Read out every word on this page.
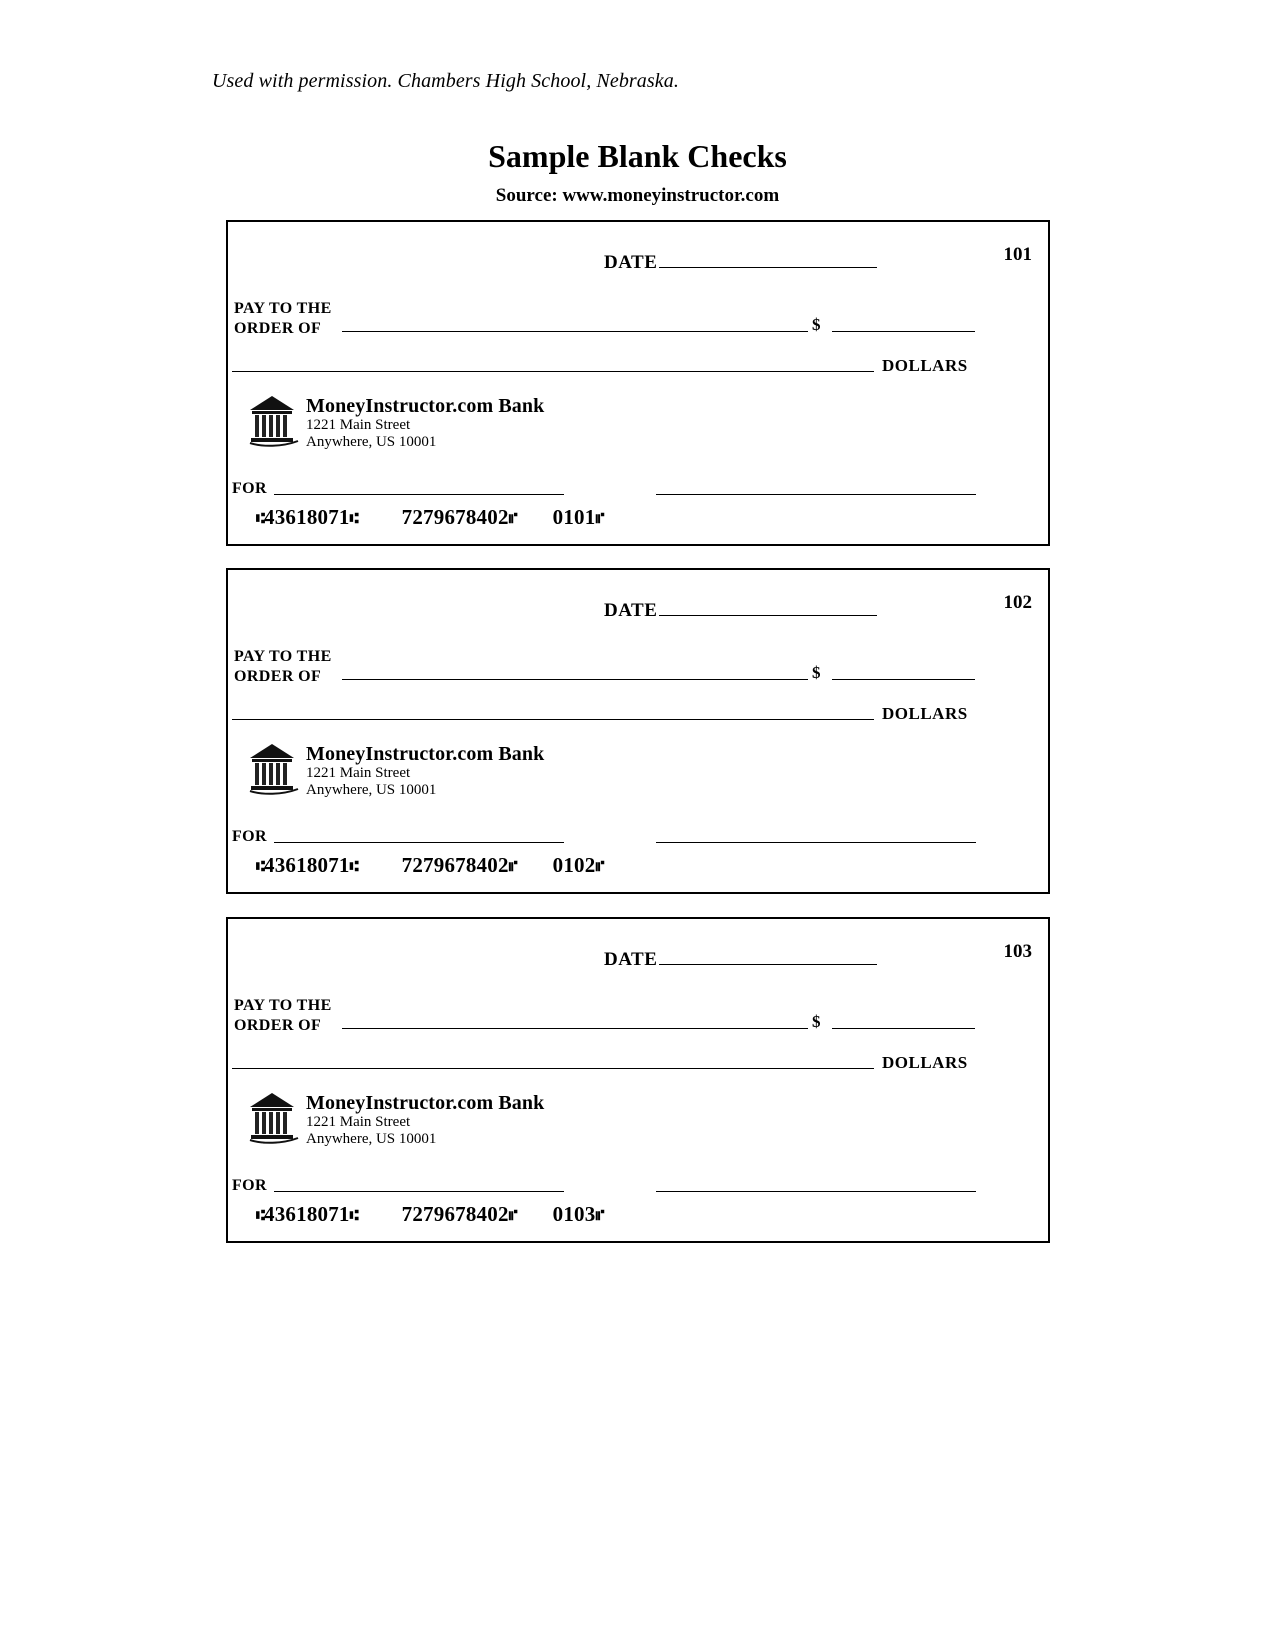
Used with permission. Chambers High School, Nebraska.
Sample Blank Checks
Source: www.moneyinstructor.com
101
DATE
PAY TO THE
ORDER OF	$
DOLLARS
MoneyInstructor.com Bank
1221 Main Street
Anywhere, US 10001
FOR
⑆43618071⑆ 7279678402⑈ 0101⑈
102
DATE
PAY TO THE
ORDER OF	$
DOLLARS
MoneyInstructor.com Bank
1221 Main Street
Anywhere, US 10001
FOR
⑆43618071⑆ 7279678402⑈ 0102⑈
103
DATE
PAY TO THE
ORDER OF	$
DOLLARS
MoneyInstructor.com Bank
1221 Main Street
Anywhere, US 10001
FOR
⑆43618071⑆ 7279678402⑈ 0103⑈
